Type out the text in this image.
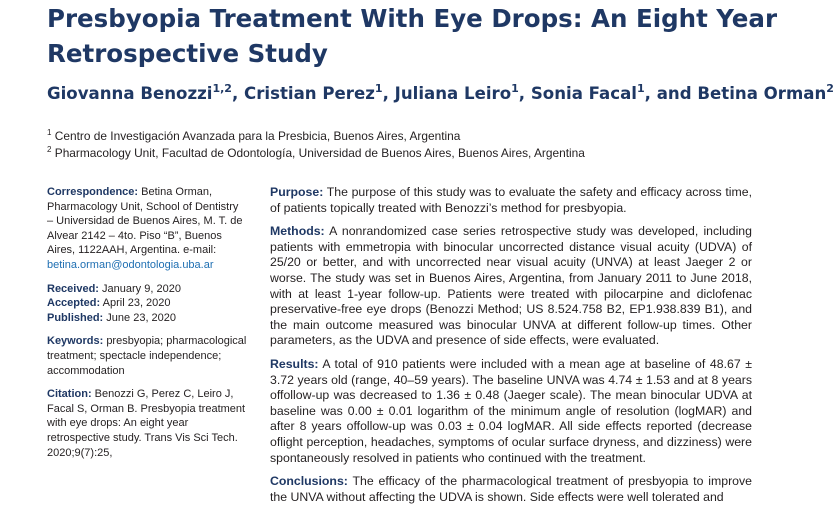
Presbyopia Treatment With Eye Drops: An Eight Year Retrospective Study
Giovanna Benozzi$^{1,2}$, Cristian Perez$^1$, Juliana Leiro$^1$, Sonia Facal$^1$, and Betina Orman$^2$
$^1$ Centro de Investigación Avanzada para la Presbicia, Buenos Aires, Argentina
$^2$ Pharmacology Unit, Facultad de Odontología, Universidad de Buenos Aires, Buenos Aires, Argentina
Correspondence: Betina Orman, Pharmacology Unit, School of Dentistry – Universidad de Buenos Aires, M. T. de Alvear 2142 – 4to. Piso “B”, Buenos Aires, 1122AAH, Argentina. e-mail: betina.orman@odontologia.uba.ar
Received: January 9, 2020
Accepted: April 23, 2020
Published: June 23, 2020
Keywords: presbyopia; pharmacological treatment; spectacle independence; accommodation
Citation: Benozzi G, Perez C, Leiro J, Facal S, Orman B. Presbyopia treatment with eye drops: An eight year retrospective study. Trans Vis Sci Tech. 2020;9(7):25,

Purpose: The purpose of this study was to evaluate the safety and efficacy across time, of patients topically treated with Benozzi’s method for presbyopia.

Methods: A nonrandomized case series retrospective study was developed, including patients with emmetropia with binocular uncorrected distance visual acuity (UDVA) of 25/20 or better, and with uncorrected near visual acuity (UNVA) at least Jaeger 2 or worse. The study was set in Buenos Aires, Argentina, from January 2011 to June 2018, with at least 1-year follow-up. Patients were treated with pilocarpine and diclofenac preservative-free eye drops (Benozzi Method; US 8.524.758 B2, EP1.938.839 B1), and the main outcome measured was binocular UNVA at different follow-up times. Other parameters, as the UDVA and presence of side effects, were evaluated.

Results: A total of 910 patients were included with a mean age at baseline of 48.67 ± 3.72 years old (range, 40–59 years). The baseline UNVA was 4.74 ± 1.53 and at 8 years offollow-up was decreased to 1.36 ± 0.48 (Jaeger scale). The mean binocular UDVA at baseline was 0.00 ± 0.01 logarithm of the minimum angle of resolution (logMAR) and after 8 years offollow-up was 0.03 ± 0.04 logMAR. All side effects reported (decrease oflight perception, headaches, symptoms of ocular surface dryness, and dizziness) were spontaneously resolved in patients who continued with the treatment.

Conclusions: The efficacy of the pharmacological treatment of presbyopia to improve the UNVA without affecting the UDVA is shown. Side effects were well tolerated and
